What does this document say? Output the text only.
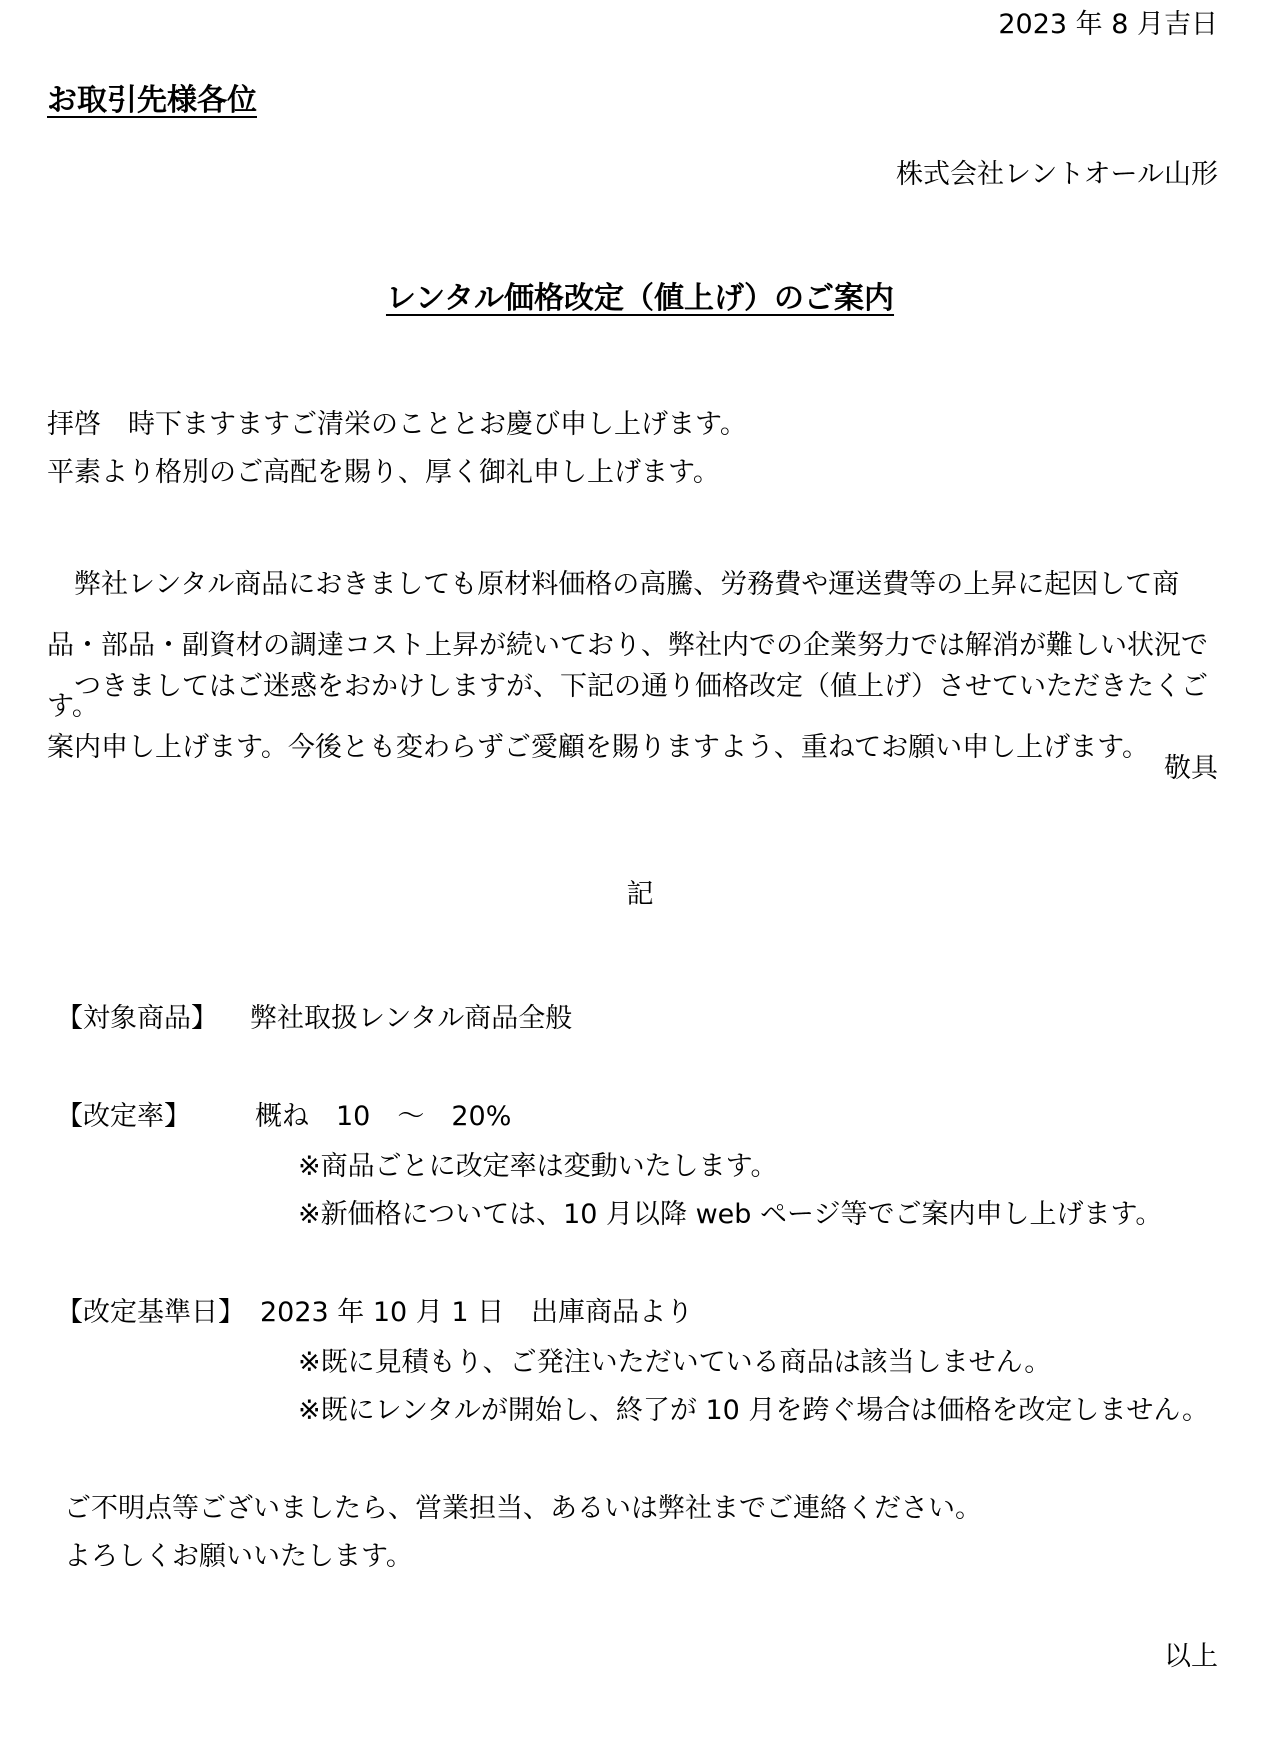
2023 年 8 月吉日

お取引先様各位

株式会社レントオール山形

レンタル価格改定（値上げ）のご案内

拝啓　時下ますますご清栄のこととお慶び申し上げます。

平素より格別のご高配を賜り、厚く御礼申し上げます。

弊社レンタル商品におきましても原材料価格の高騰、労務費や運送費等の上昇に起因して商品・部品・副資材の調達コスト上昇が続いており、弊社内での企業努力では解消が難しい状況です。

つきましてはご迷惑をおかけしますが、下記の通り価格改定（値上げ）させていただきたくご案内申し上げます。今後とも変わらずご愛顧を賜りますよう、重ねてお願い申し上げます。

敬具

記

【対象商品】 弊社取扱レンタル商品全般

【改定率】 概ね　10　～　20%

※商品ごとに改定率は変動いたします。

※新価格については、10 月以降 web ページ等でご案内申し上げます。

【改定基準日】 2023 年 10 月 1 日　出庫商品より

※既に見積もり、ご発注いただいている商品は該当しません。

※既にレンタルが開始し、終了が 10 月を跨ぐ場合は価格を改定しません。

ご不明点等ございましたら、営業担当、あるいは弊社までご連絡ください。

よろしくお願いいたします。

以上
